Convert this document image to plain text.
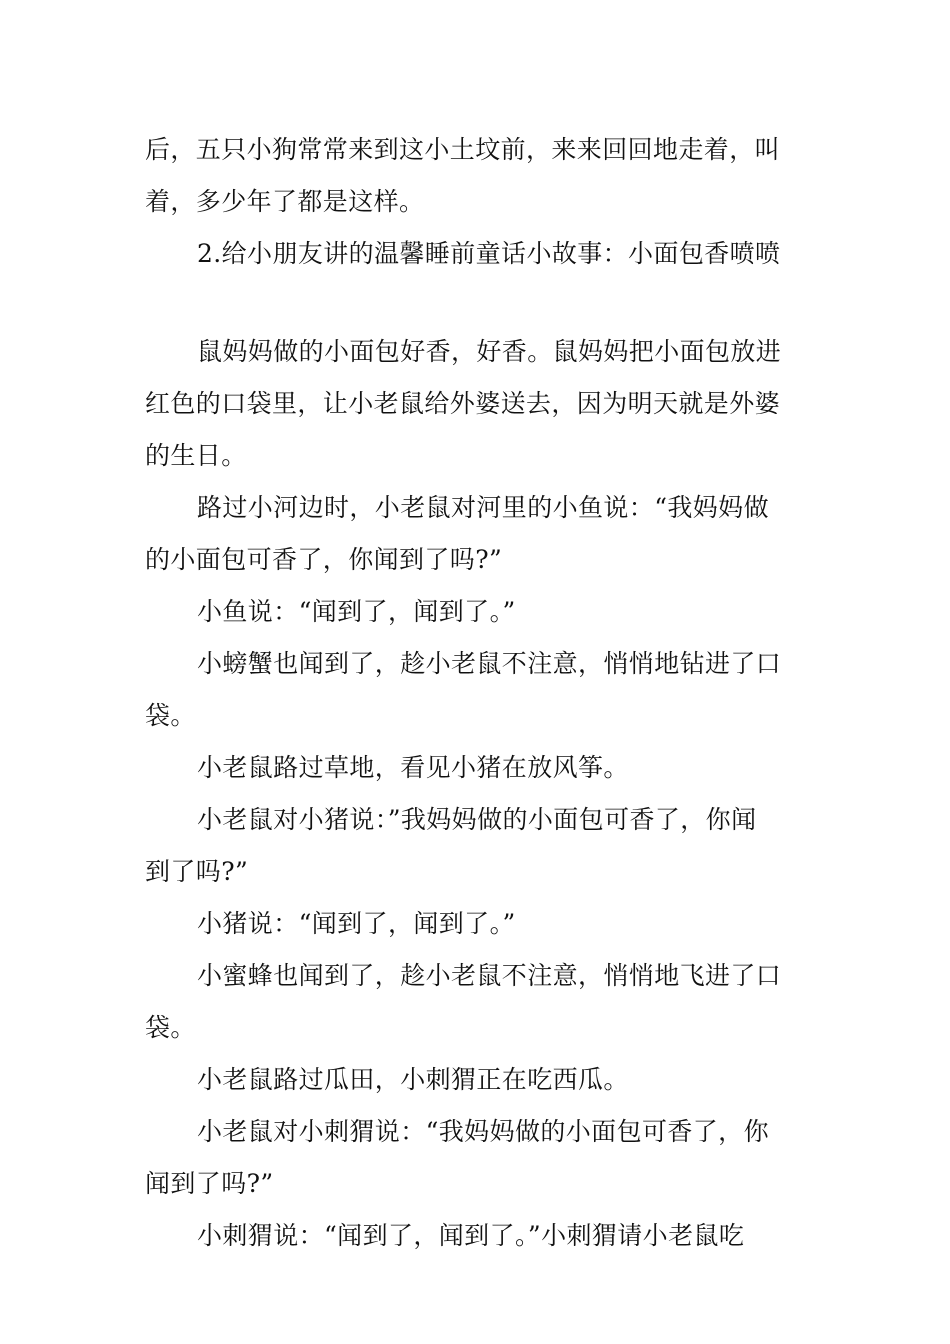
后，五只小狗常常来到这小土坟前，来来回回地走着，叫
着，多少年了都是这样。
2.给小朋友讲的温馨睡前童话小故事：小面包香喷喷
鼠妈妈做的小面包好香，好香。鼠妈妈把小面包放进
红色的口袋里，让小老鼠给外婆送去，因为明天就是外婆
的生日。
路过小河边时，小老鼠对河里的小鱼说：“我妈妈做
的小面包可香了，你闻到了吗?”
小鱼说：“闻到了，闻到了。”
小螃蟹也闻到了，趁小老鼠不注意，悄悄地钻进了口
袋。
小老鼠路过草地，看见小猪在放风筝。
小老鼠对小猪说：”我妈妈做的小面包可香了，你闻
到了吗?”
小猪说：“闻到了，闻到了。”
小蜜蜂也闻到了，趁小老鼠不注意，悄悄地飞进了口
袋。
小老鼠路过瓜田，小刺猬正在吃西瓜。
小老鼠对小刺猬说：“我妈妈做的小面包可香了，你
闻到了吗?”
小刺猬说：“闻到了，闻到了。”小刺猬请小老鼠吃
